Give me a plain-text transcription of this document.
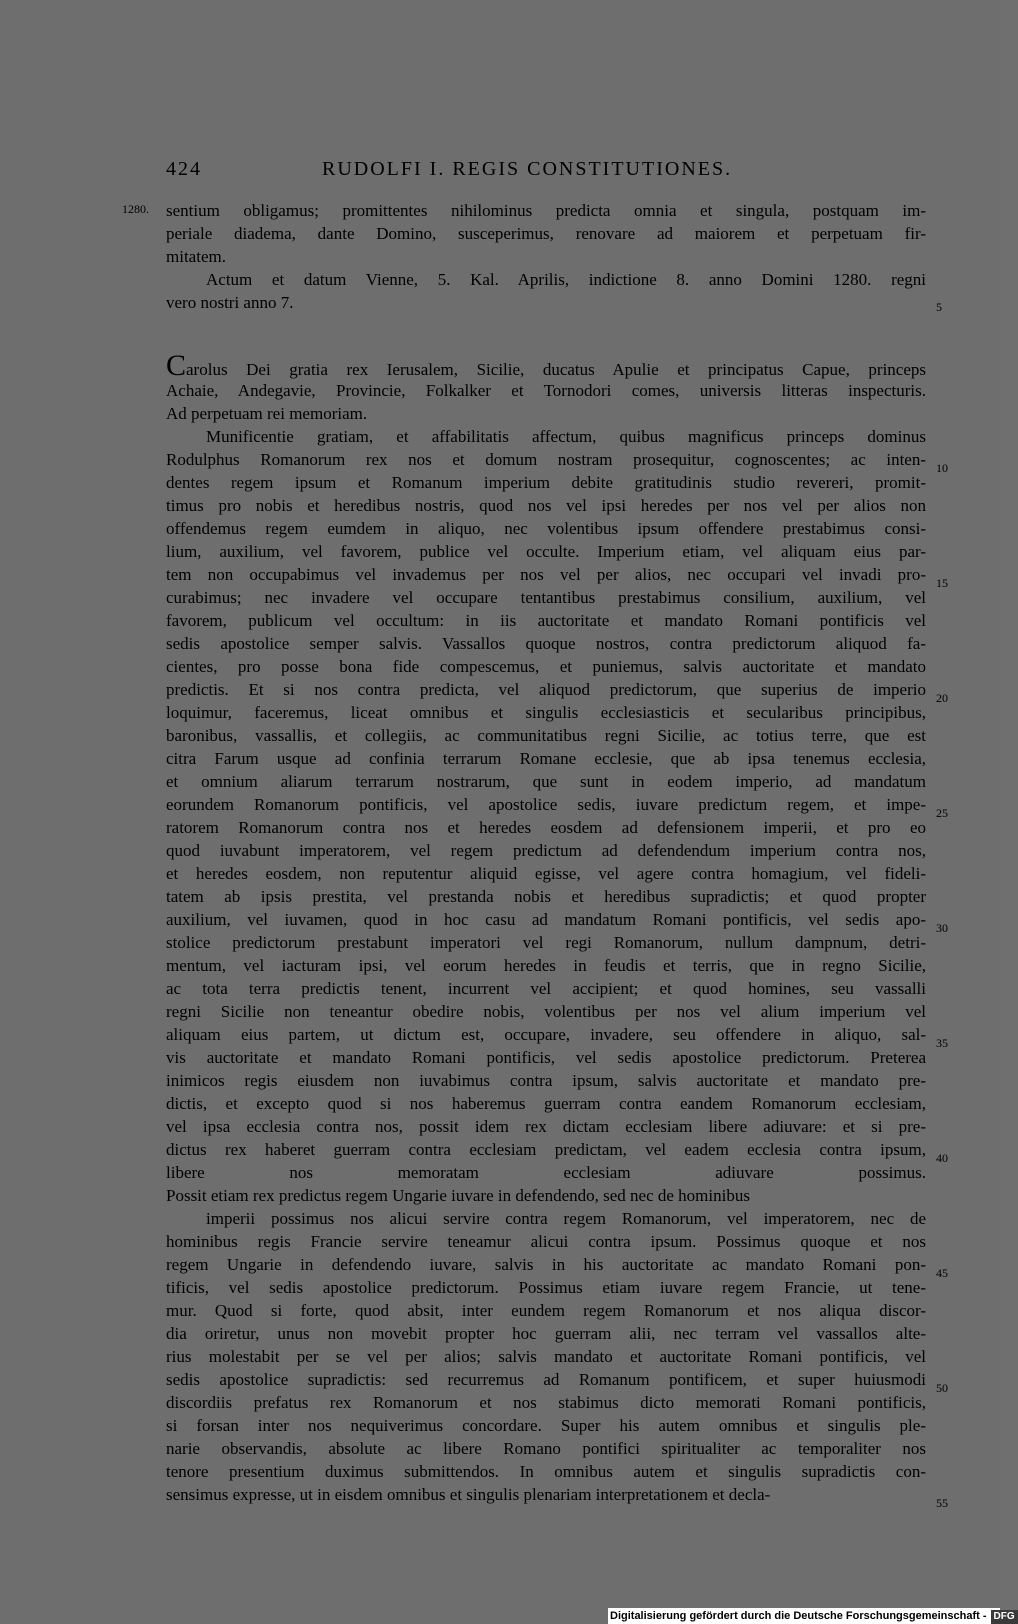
424	RUDOLFI I. REGIS CONSTITUTIONES.
1280. sentium obligamus; promittentes nihilominus predicta omnia et singula, postquam im-
periale diadema, dante Domino, susceperimus, renovare ad maiorem et perpetuam fir-
mitatem.
Actum et datum Vienne, 5. Kal. Aprilis, indictione 8. anno Domini 1280. regni
vero nostri anno 7.
Carolus Dei gratia rex Ierusalem, Sicilie, ducatus Apulie et principatus Capue, princeps
Achaie, Andegavie, Provincie, Folkalker et Tornodori comes, universis litteras inspecturis.
Ad perpetuam rei memoriam.
Munificentie gratiam, et affabilitatis affectum, quibus magnificus princeps dominus
Rodulphus Romanorum rex nos et domum nostram prosequitur, cognoscentes; ac inten-
dentes regem ipsum et Romanum imperium debite gratitudinis studio revereri, promit-
timus pro nobis et heredibus nostris, quod nos vel ipsi heredes per nos vel per alios non
offendemus regem eumdem in aliquo, nec volentibus ipsum offendere prestabimus consi-
lium, auxilium, vel favorem, publice vel occulte. Imperium etiam, vel aliquam eius par-
tem non occupabimus vel invademus per nos vel per alios, nec occupari vel invadi pro-
curabimus; nec invadere vel occupare tentantibus prestabimus consilium, auxilium, vel
favorem, publicum vel occultum: in iis auctoritate et mandato Romani pontificis vel
sedis apostolice semper salvis. Vassallos quoque nostros, contra predictorum aliquod fa-
cientes, pro posse bona fide compescemus, et puniemus, salvis auctoritate et mandato
predictis. Et si nos contra predicta, vel aliquod predictorum, que superius de imperio
loquimur, faceremus, liceat omnibus et singulis ecclesiasticis et secularibus principibus,
baronibus, vassallis, et collegiis, ac communitatibus regni Sicilie, ac totius terre, que est
citra Farum usque ad confinia terrarum Romane ecclesie, que ab ipsa tenemus ecclesia,
et omnium aliarum terrarum nostrarum, que sunt in eodem imperio, ad mandatum
eorundem Romanorum pontificis, vel apostolice sedis, iuvare predictum regem, et impe-
ratorem Romanorum contra nos et heredes eosdem ad defensionem imperii, et pro eo
quod iuvabunt imperatorem, vel regem predictum ad defendendum imperium contra nos,
et heredes eosdem, non reputentur aliquid egisse, vel agere contra homagium, vel fideli-
tatem ab ipsis prestita, vel prestanda nobis et heredibus supradictis; et quod propter
auxilium, vel iuvamen, quod in hoc casu ad mandatum Romani pontificis, vel sedis apo-
stolice predictorum prestabunt imperatori vel regi Romanorum, nullum dampnum, detri-
mentum, vel iacturam ipsi, vel eorum heredes in feudis et terris, que in regno Sicilie,
ac tota terra predictis tenent, incurrent vel accipient; et quod homines, seu vassalli
regni Sicilie non teneantur obedire nobis, volentibus per nos vel alium imperium vel
aliquam eius partem, ut dictum est, occupare, invadere, seu offendere in aliquo, sal-
vis auctoritate et mandato Romani pontificis, vel sedis apostolice predictorum. Preterea
inimicos regis eiusdem non iuvabimus contra ipsum, salvis auctoritate et mandato pre-
dictis, et excepto quod si nos haberemus guerram contra eandem Romanorum ecclesiam,
vel ipsa ecclesia contra nos, possit idem rex dictam ecclesiam libere adiuvare: et si pre-
dictus rex haberet guerram contra ecclesiam predictam, vel eadem ecclesia contra ipsum,
libere nos memoratam ecclesiam adiuvare possimus.
Possit etiam rex predictus regem Ungarie iuvare in defendendo, sed nec de hominibus
imperii possimus nos alicui servire contra regem Romanorum, vel imperatorem, nec de
hominibus regis Francie servire teneamur alicui contra ipsum. Possimus quoque et nos
regem Ungarie in defendendo iuvare, salvis in his auctoritate ac mandato Romani pon-
tificis, vel sedis apostolice predictorum. Possimus etiam iuvare regem Francie, ut tene-
mur. Quod si forte, quod absit, inter eundem regem Romanorum et nos aliqua discor-
dia oriretur, unus non movebit propter hoc guerram alii, nec terram vel vassallos alte-
rius molestabit per se vel per alios; salvis mandato et auctoritate Romani pontificis, vel
sedis apostolice supradictis: sed recurremus ad Romanum pontificem, et super huiusmodi
discordiis prefatus rex Romanorum et nos stabimus dicto memorati Romani pontificis,
si forsan inter nos nequiverimus concordare. Super his autem omnibus et singulis ple-
narie observandis, absolute ac libere Romano pontifici spiritualiter ac temporaliter nos
tenore presentium duximus submittendos. In omnibus autem et singulis supradictis con-
sensimus expresse, ut in eisdem omnibus et singulis plenariam interpretationem et decla-
5
10
15
20
25
30
35
40
45
50
55
Digitalisierung gefördert durch die Deutsche Forschungsgemeinschaft - DFG
